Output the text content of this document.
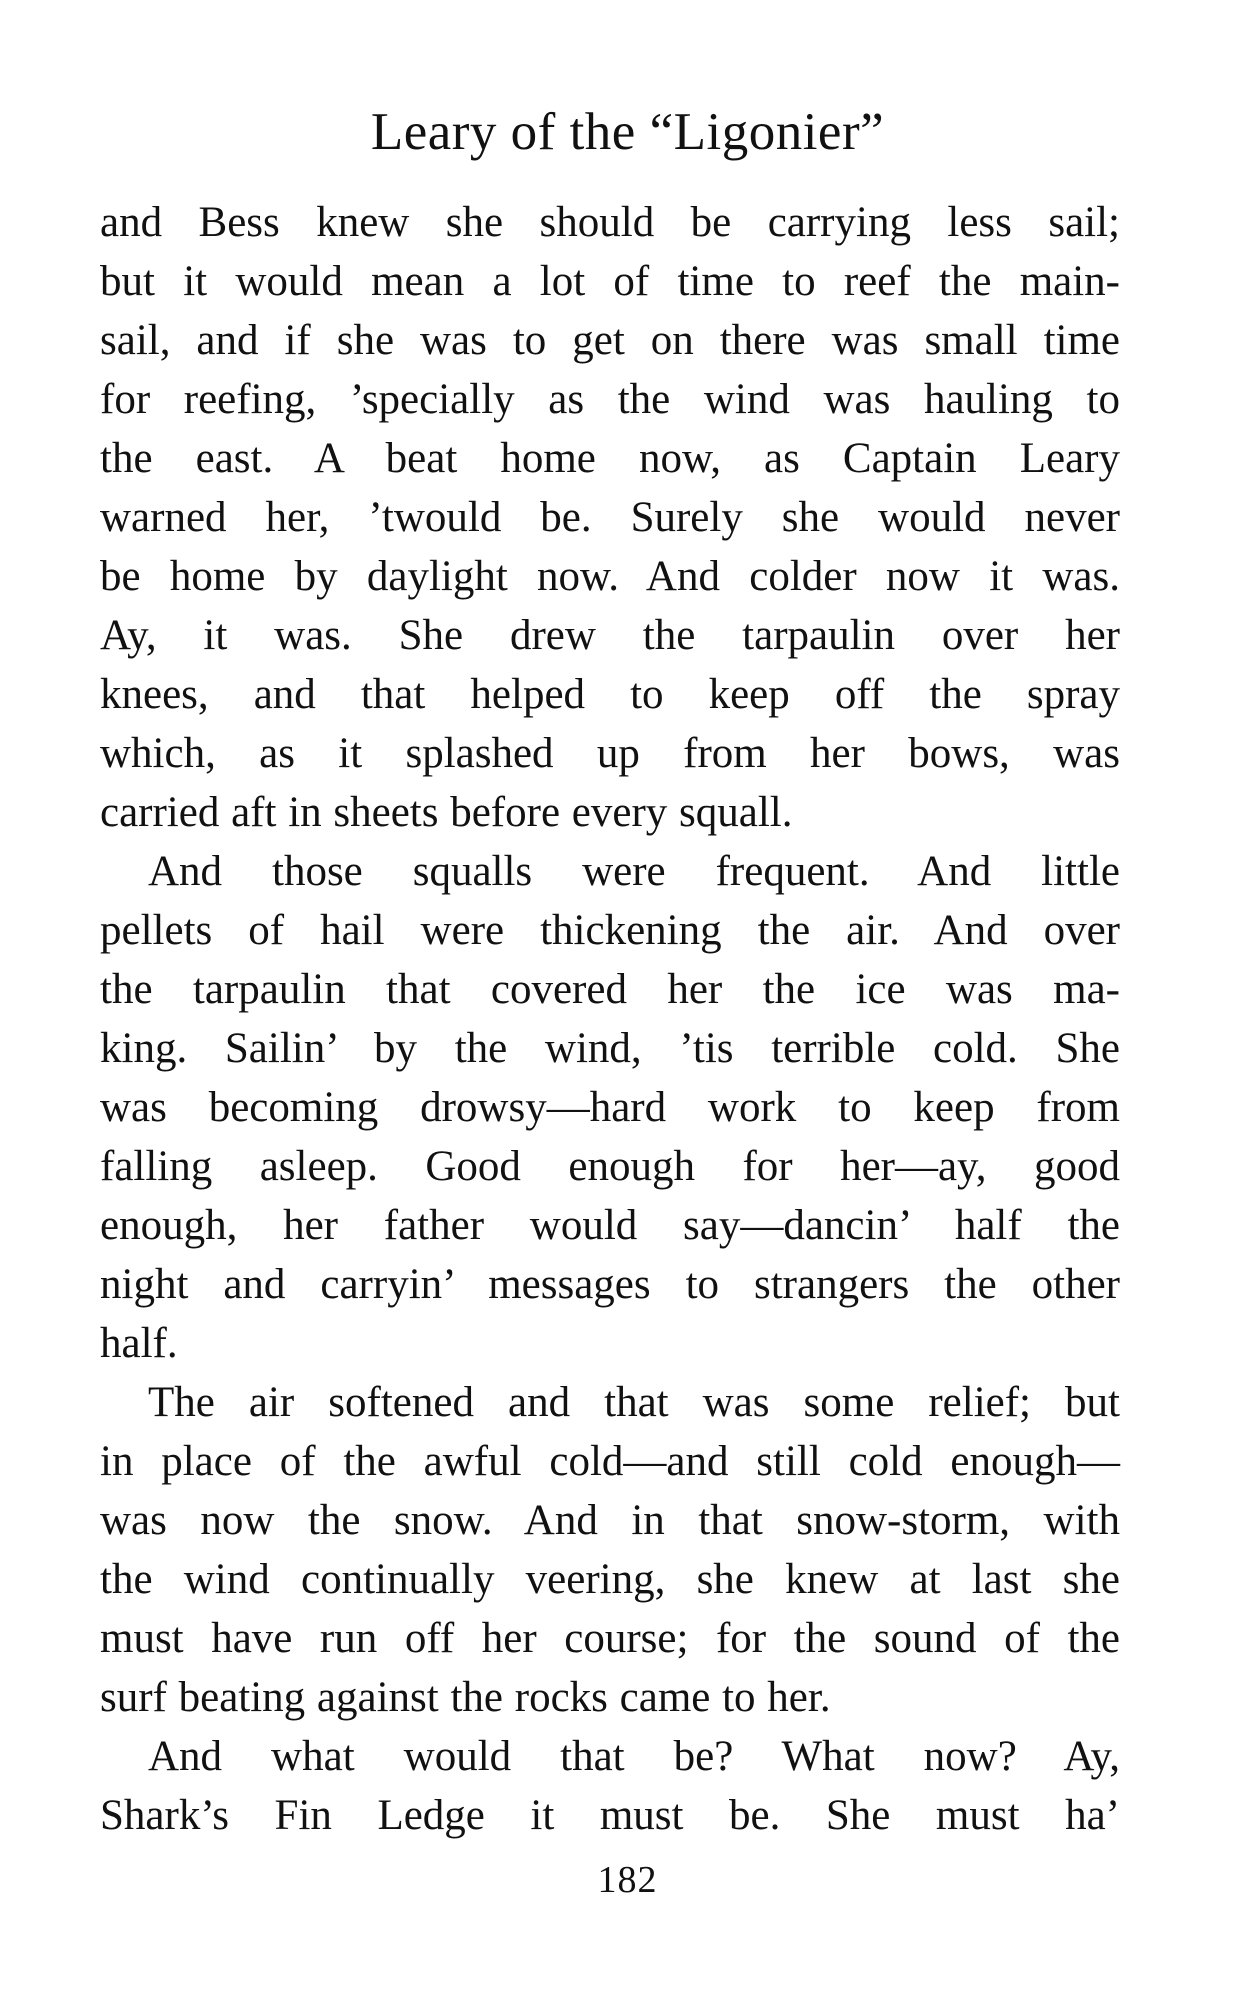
Leary of the “Ligonier”
and Bess knew she should be carrying less sail;
but it would mean a lot of time to reef the main-
sail, and if she was to get on there was small time
for reefing, ’specially as the wind was hauling to
the east. A beat home now, as Captain Leary
warned her, ’twould be. Surely she would never
be home by daylight now. And colder now it was.
Ay, it was. She drew the tarpaulin over her
knees, and that helped to keep off the spray
which, as it splashed up from her bows, was
carried aft in sheets before every squall.
And those squalls were frequent. And little
pellets of hail were thickening the air. And over
the tarpaulin that covered her the ice was ma-
king. Sailin’ by the wind, ’tis terrible cold. She
was becoming drowsy—hard work to keep from
falling asleep. Good enough for her—ay, good
enough, her father would say—dancin’ half the
night and carryin’ messages to strangers the other
half.
The air softened and that was some relief; but
in place of the awful cold—and still cold enough—
was now the snow. And in that snow-storm, with
the wind continually veering, she knew at last she
must have run off her course; for the sound of the
surf beating against the rocks came to her.
And what would that be? What now? Ay,
Shark’s Fin Ledge it must be. She must ha’
182
